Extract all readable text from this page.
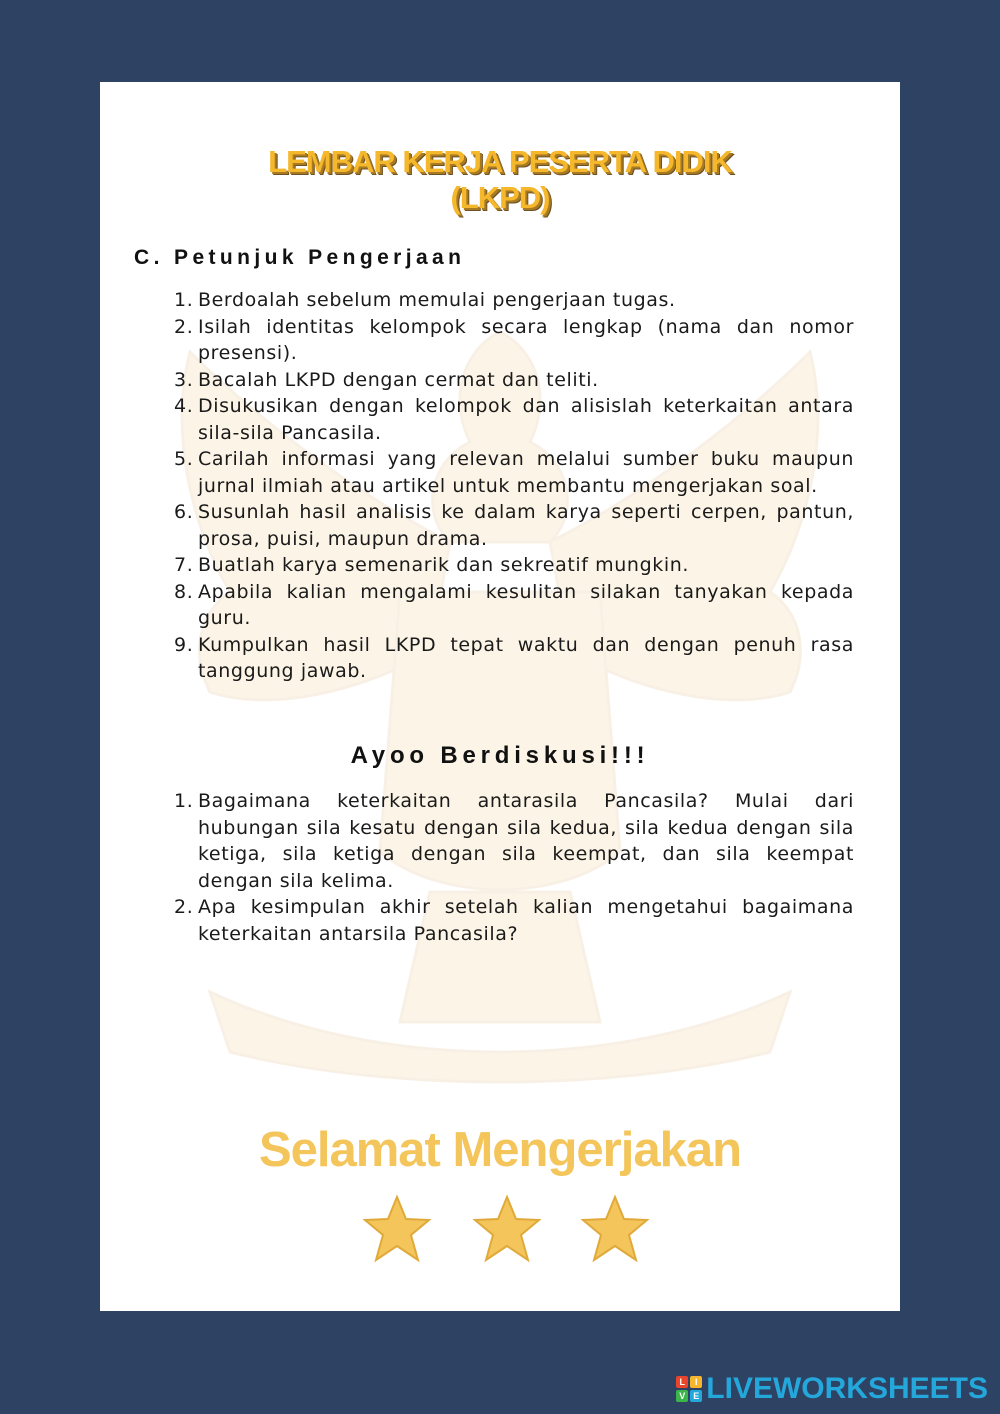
LEMBAR KERJA PESERTA DIDIK
(LKPD)
C. Petunjuk Pengerjaan
1. Berdoalah sebelum memulai pengerjaan tugas.
2. Isilah identitas kelompok secara lengkap (nama dan nomor presensi).
3. Bacalah LKPD dengan cermat dan teliti.
4. Disukusikan dengan kelompok dan alisislah keterkaitan antara sila-sila Pancasila.
5. Carilah informasi yang relevan melalui sumber buku maupun jurnal ilmiah atau artikel untuk membantu mengerjakan soal.
6. Susunlah hasil analisis ke dalam karya seperti cerpen, pantun, prosa, puisi, maupun drama.
7. Buatlah karya semenarik dan sekreatif mungkin.
8. Apabila kalian mengalami kesulitan silakan tanyakan kepada guru.
9. Kumpulkan hasil LKPD tepat waktu dan dengan penuh rasa tanggung jawab.
Ayoo Berdiskusi!!!
1. Bagaimana keterkaitan antarasila Pancasila? Mulai dari hubungan sila kesatu dengan sila kedua, sila kedua dengan sila ketiga, sila ketiga dengan sila keempat, dan sila keempat dengan sila kelima.
2. Apa kesimpulan akhir setelah kalian mengetahui bagaimana keterkaitan antarsila Pancasila?
Selamat Mengerjakan
L	I
V E LIVEWORKSHEETS
